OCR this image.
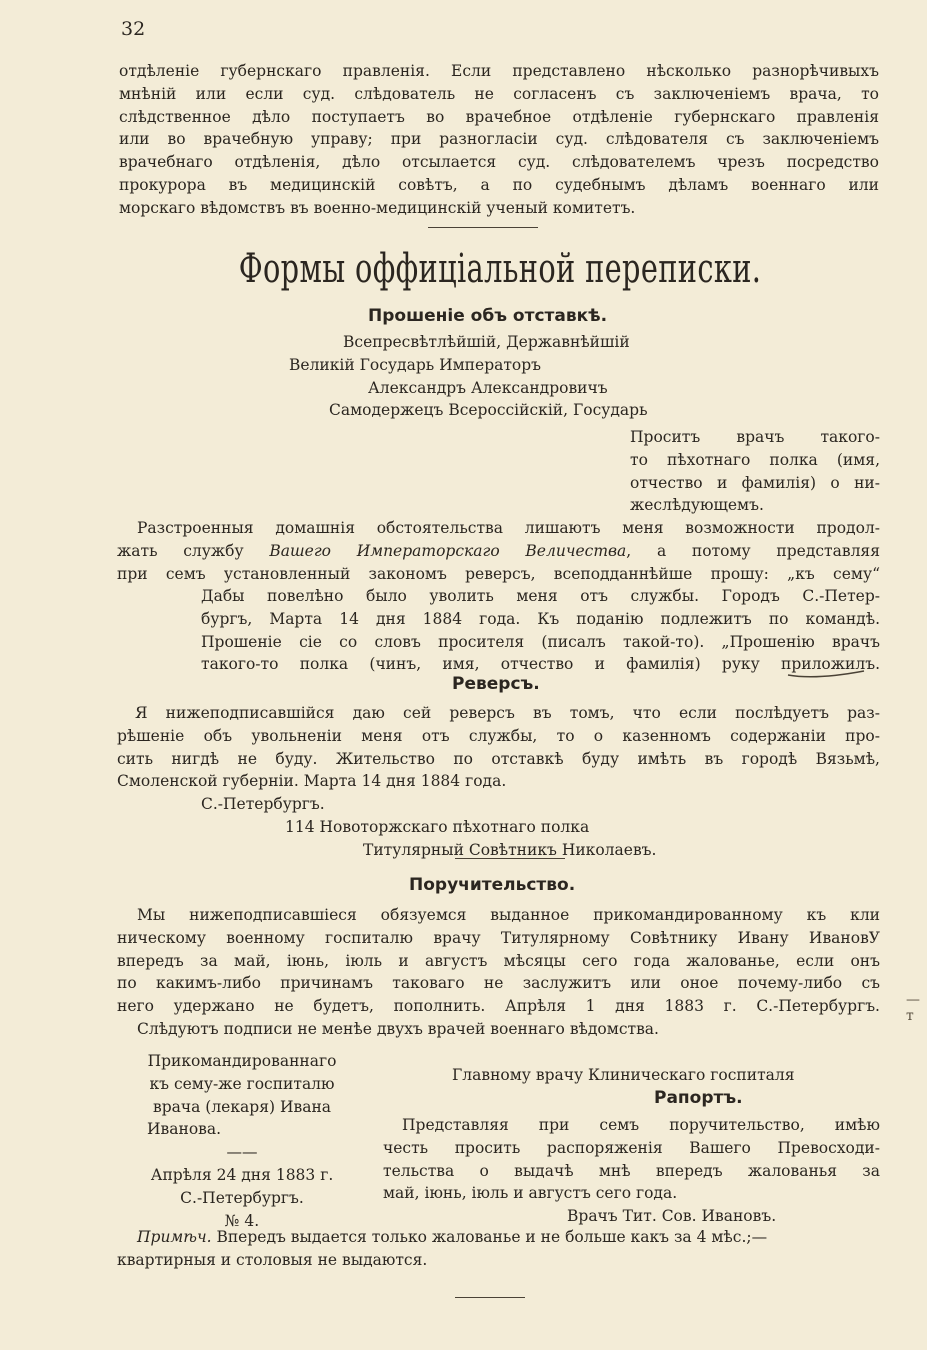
32
отдѣленіе губернскаго правленія. Если представлено нѣсколько разнорѣчивыхъ
мнѣній или если суд. слѣдователь не согласенъ съ заключеніемъ врача, то
слѣдственное дѣло поступаетъ во врачебное отдѣленіе губернскаго правленія
или во врачебную управу; при разногласіи суд. слѣдователя съ заключеніемъ
врачебнаго отдѣленія, дѣло отсылается суд. слѣдователемъ чрезъ посредство
прокурора въ медицинскій совѣтъ, а по судебнымъ дѣламъ военнаго или
морскаго вѣдомствъ въ военно-медицинскій ученый комитетъ.
Формы оффиціальной переписки.
Прошеніе объ отставкѣ.
Всепресвѣтлѣйшій, Державнѣйшій
Великій Государь Императоръ
Александръ Александровичъ
Самодержецъ Всероссійскій, Государь
Проситъ врачъ такого-
то пѣхотнаго полка (имя,
отчество и фамилія) о ни-
жеслѣдующемъ.
Разстроенныя домашнія обстоятельства лишаютъ меня возможности продол-
жать службу Вашего Императорскаго Величества, а потому представляя
при семъ установленный закономъ реверсъ, всеподданнѣйше прошу: „къ сему“
Дабы повелѣно было уволить меня отъ службы. Городъ С.-Петер-
бургъ, Марта 14 дня 1884 года. Къ поданію подлежитъ по командѣ.
Прошеніе сіе со словъ просителя (писалъ такой-то). „Прошенію врачъ
такого-то полка (чинъ, имя, отчество и фамилія) руку приложилъ.
Реверсъ.
Я нижеподписавшійся даю сей реверсъ въ томъ, что если послѣдуетъ раз-
рѣшеніе объ увольненіи меня отъ службы, то о казенномъ содержаніи про-
сить нигдѣ не буду. Жительство по отставкѣ буду имѣть въ городѣ Вязьмѣ,
Смоленской губерніи. Марта 14 дня 1884 года.
С.-Петербургъ.
114 Новоторжскаго пѣхотнаго полка
Титулярный Совѣтникъ Николаевъ.
Поручительство.
Мы нижеподписавшіеся обязуемся выданное прикомандированному къ кли
ническому военному госпиталю врачу Титулярному Совѣтнику Ивану ИвановУ
впередъ за май, іюнь, іюль и августъ мѣсяцы сего года жалованье, если онъ
по какимъ-либо причинамъ таковаго не заслужитъ или оное почему-либо съ
него удержано не будетъ, пополнить. Апрѣля 1 дня 1883 г. С.-Петербургъ.
Слѣдуютъ подписи не менѣе двухъ врачей военнаго вѣдомства.
—ᴛ
Прикомандированнаго
къ сему-же госпиталю
врача (лекаря) Ивана
Иванова.
——
Апрѣля 24 дня 1883 г.
С.-Петербургъ.
№ 4.
Главному врачу Клиническаго госпиталя
Рапортъ.
Представляя при семъ поручительство, имѣю
честь просить распоряженія Вашего Превосходи-
тельства о выдачѣ мнѣ впередъ жалованья за
май, іюнь, іюль и августъ сего года.
Врачъ Тит. Сов. Ивановъ.
Примѣч. Впередъ выдается только жалованье и не больше какъ за 4 мѣс.;—
квартирныя и столовыя не выдаются.
